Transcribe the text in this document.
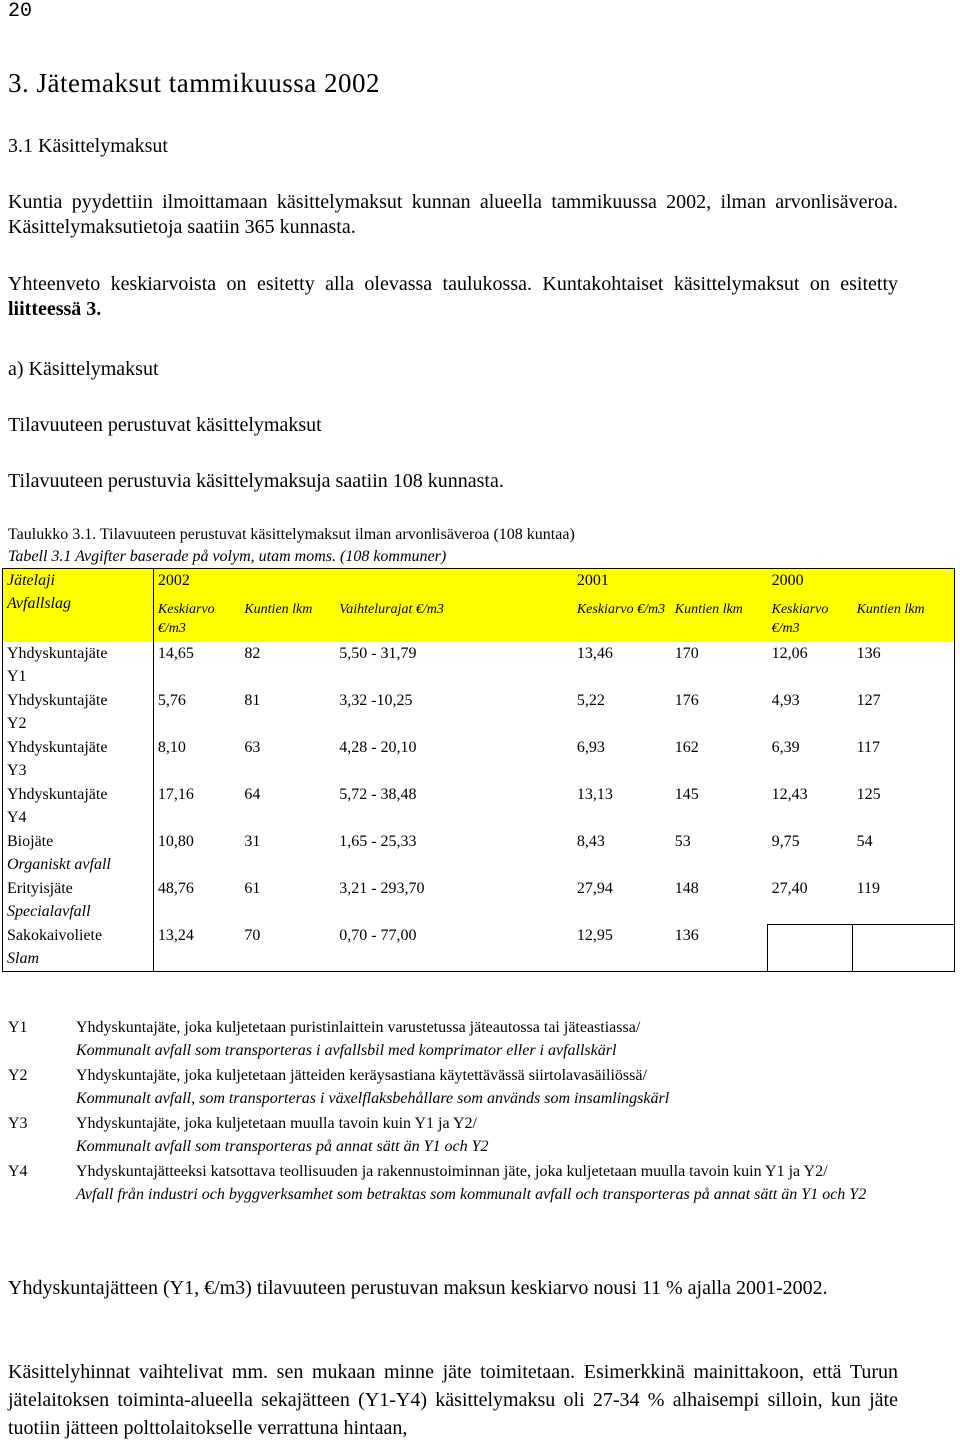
20
3. Jätemaksut tammikuussa 2002
3.1 Käsittelymaksut
Kuntia pyydettiin ilmoittamaan käsittelymaksut kunnan alueella tammikuussa 2002, ilman arvonlisäveroa. Käsittelymaksutietoja saatiin 365 kunnasta.
Yhteenveto keskiarvoista on esitetty alla olevassa taulukossa. Kuntakohtaiset käsittelymaksut on esitetty liitteessä 3.
a) Käsittelymaksut
Tilavuuteen perustuvat käsittelymaksut
Tilavuuteen perustuvia käsittelymaksuja saatiin 108 kunnasta.
Taulukko 3.1. Tilavuuteen perustuvat käsittelymaksut ilman arvonlisäveroa (108 kuntaa)
Tabell 3.1 Avgifter baserade på volym, utam moms. (108 kommuner)
Jätelaji
Avfallslag	2002			2001		2000	
	Keskiarvo €/m3	Kuntien lkm	Vaihtelurajat €/m3	Keskiarvo €/m3	Kuntien lkm	Keskiarvo €/m3	Kuntien lkm

Yhdyskuntajäte
Y1	14,65	82	5,50 - 31,79	13,46	170	12,06	136

Yhdyskuntajäte
Y2	5,76	81	3,32 -10,25	5,22	176	4,93	127

Yhdyskuntajäte
Y3	8,10	63	4,28 - 20,10	6,93	162	6,39	117

Yhdyskuntajäte
Y4	17,16	64	5,72 - 38,48	13,13	145	12,43	125

Biojäte
Organiskt avfall	10,80	31	1,65 - 25,33	8,43	53	9,75	54

Erityisjäte
Specialavfall	48,76	61	3,21 - 293,70	27,94	148	27,40	119

Sakokaivoliete
Slam	13,24	70	0,70 - 77,00	12,95	136		
Y1	Yhdyskuntajäte, joka kuljetetaan puristinlaittein varustetussa jäteautossa tai jäteastiassa/
Kommunalt avfall som transporteras i avfallsbil med komprimator eller i avfallskärl
Y2	Yhdyskuntajäte, joka kuljetetaan jätteiden keräysastiana käytettävässä siirtolavasäiliössä/
Kommunalt avfall, som transporteras i växelflaksbehållare som används som insamlingskärl
Y3	Yhdyskuntajäte, joka kuljetetaan muulla tavoin kuin Y1 ja Y2/
Kommunalt avfall som transporteras på annat sätt än Y1 och Y2
Y4	Yhdyskuntajätteeksi katsottava teollisuuden ja rakennustoiminnan jäte, joka kuljetetaan muulla tavoin kuin Y1 ja Y2/
Avfall från industri och byggverksamhet som betraktas som kommunalt avfall och transporteras på annat sätt än Y1 och Y2
Yhdyskuntajätteen (Y1, €/m3) tilavuuteen perustuvan maksun keskiarvo nousi 11 % ajalla 2001-2002.
Käsittelyhinnat vaihtelivat mm. sen mukaan minne jäte toimitetaan. Esimerkkinä mainittakoon, että Turun jätelaitoksen toiminta-alueella sekajätteen (Y1-Y4) käsittelymaksu oli 27-34 % alhaisempi silloin, kun jäte tuotiin jätteen polttolaitokselle verrattuna hintaan,
